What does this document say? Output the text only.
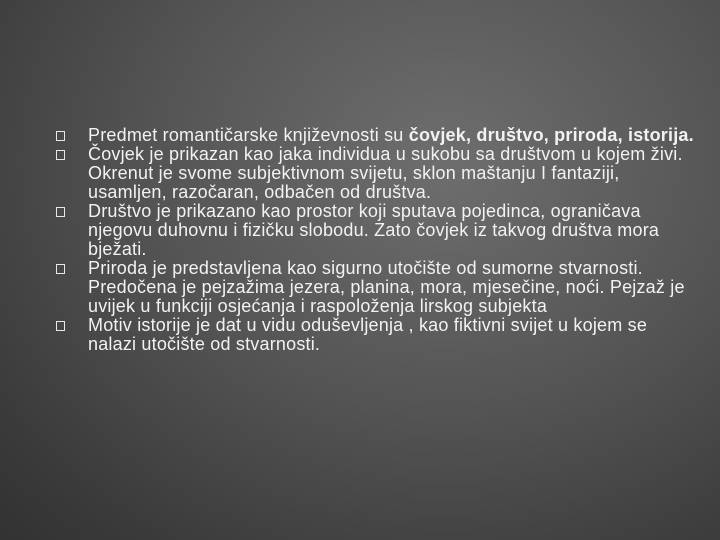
Predmet romantičarske književnosti su čovjek, društvo, priroda, istorija.
Čovjek je prikazan kao jaka individua u sukobu sa društvom u kojem živi. Okrenut je svome subjektivnom svijetu, sklon maštanju I fantaziji, usamljen, razočaran, odbačen od društva.
Društvo je prikazano kao prostor koji sputava pojedinca, ograničava njegovu duhovnu i fizičku slobodu. Zato čovjek iz takvog društva mora bježati.
Priroda je predstavljena kao sigurno utočište od sumorne stvarnosti. Predočena je pejzažima jezera, planina, mora, mjesečine, noći. Pejzaž je uvijek u funkciji osjećanja i raspoloženja lirskog subjekta
Motiv istorije je dat u vidu oduševljenja , kao fiktivni svijet u kojem se nalazi utočište od stvarnosti.
